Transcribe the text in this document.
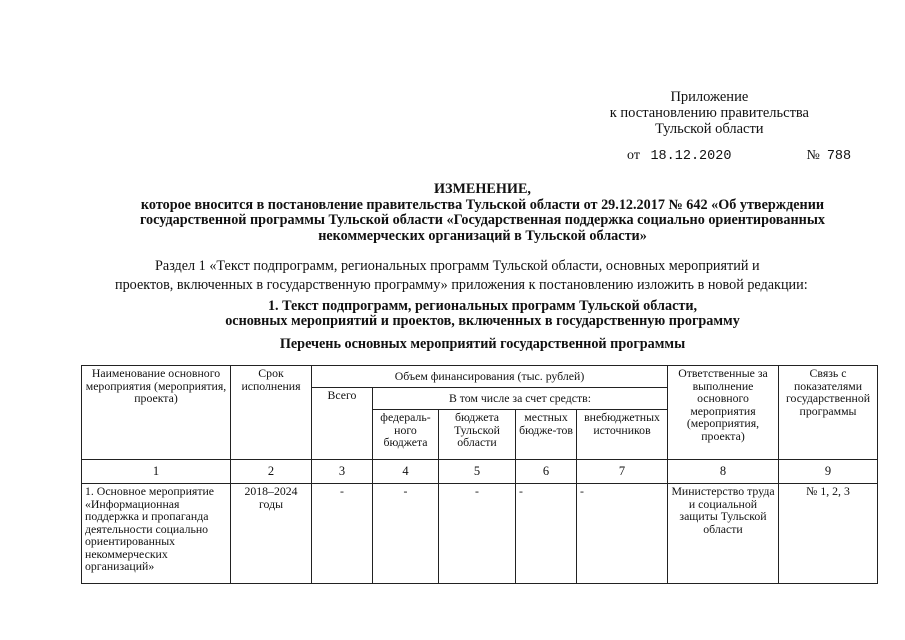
Приложение
к постановлению правительства
Тульской области
от 18.12.2020	№ 788
ИЗМЕНЕНИЕ,
которое вносится в постановление правительства Тульской области от 29.12.2017 № 642 «Об утверждении
государственной программы Тульской области «Государственная поддержка социально ориентированных
некоммерческих организаций в Тульской области»
Раздел 1 «Текст подпрограмм, региональных программ Тульской области, основных мероприятий и
проектов, включенных в государственную программу» приложения к постановлению изложить в новой редакции:
1. Текст подпрограмм, региональных программ Тульской области,
основных мероприятий и проектов, включенных в государственную программу
Перечень основных мероприятий государственной программы
Наименование основного мероприятия (мероприятия, проекта)	Срок исполнения	Объем финансирования (тыс. рублей)					Ответственные за выполнение основного мероприятия (мероприятия, проекта)	Связь с показателями государственной программы
		Всего	В том числе за счет средств:					
			федераль-ного бюджета	бюджета Тульской области	местных бюдже-тов	внебюджетных источников		
1	2	3	4	5	6	7	8	9
1. Основное мероприятие «Информационная поддержка и пропаганда деятельности социально ориентированных некоммерческих организаций»	2018–2024 годы	-	-	-	-	-	Министерство труда и социальной защиты Тульской области	№ 1, 2, 3
